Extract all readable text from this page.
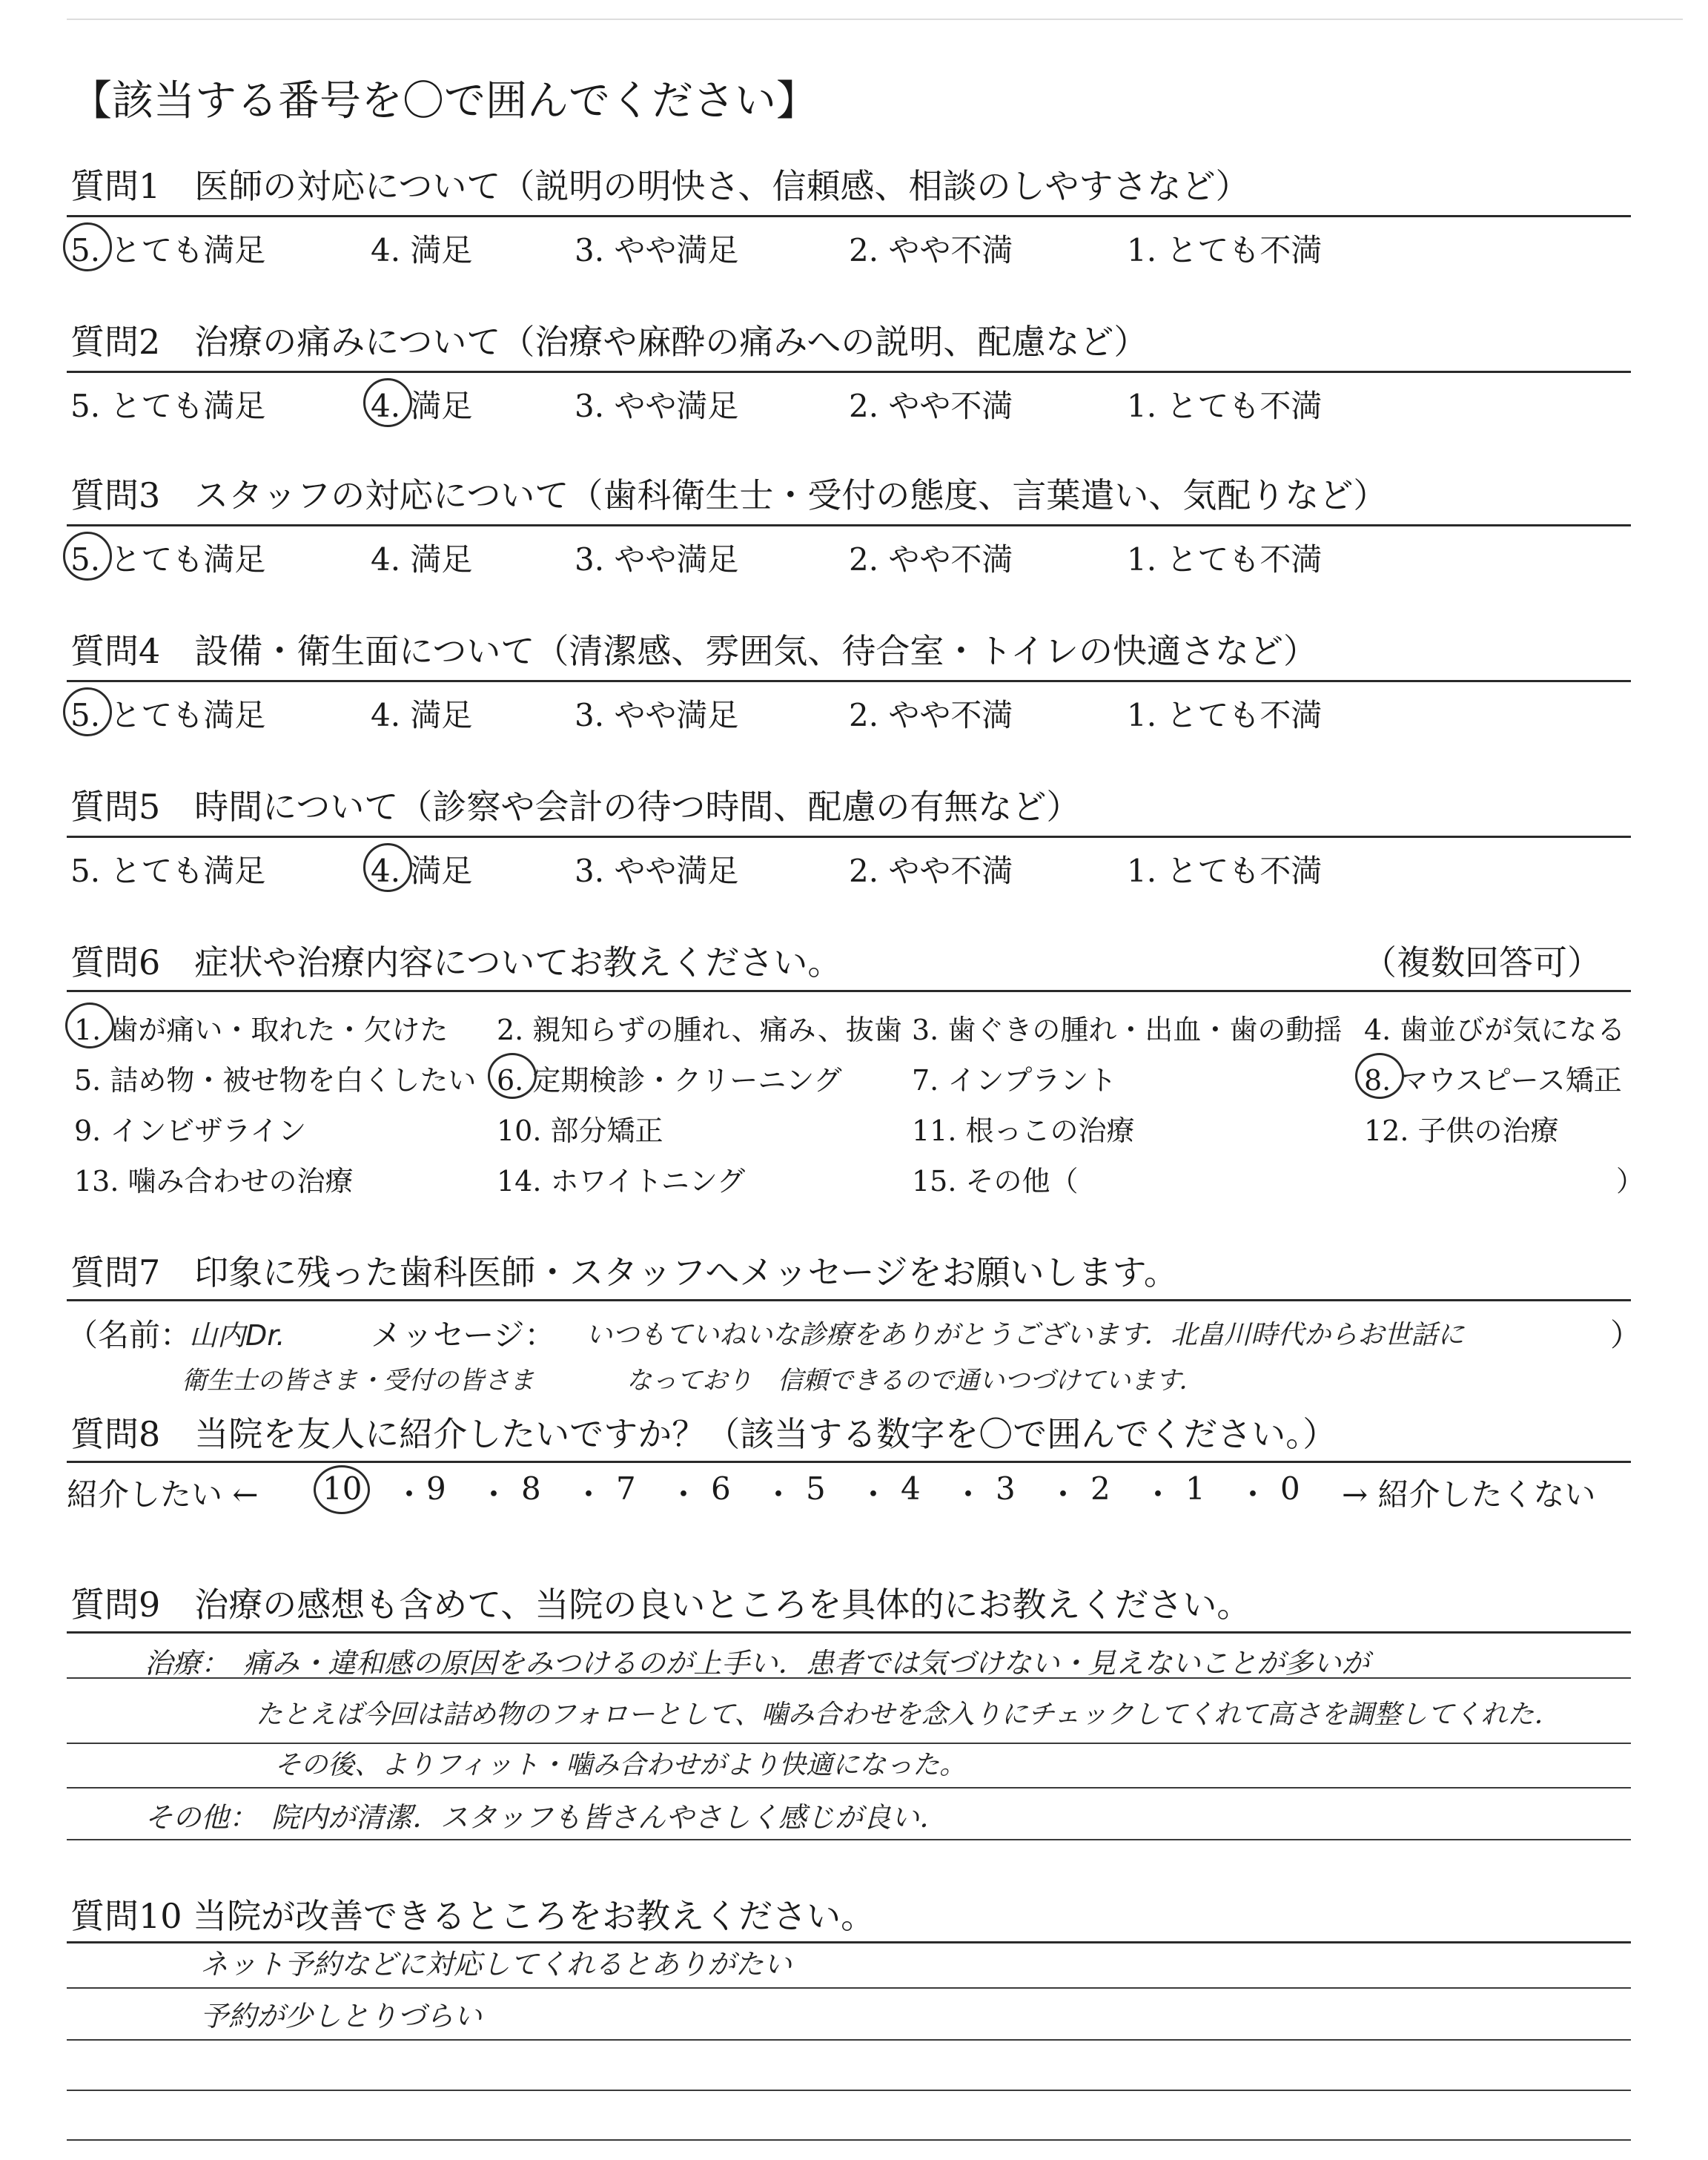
【該当する番号を〇で囲んでください】
質問1　医師の対応について（説明の明快さ、信頼感、相談のしやすさなど）
5. とても満足	4. 満足	3. やや満足	2. やや不満	1. とても不満
質問2　治療の痛みについて（治療や麻酔の痛みへの説明、配慮など）
5. とても満足	4. 満足	3. やや満足	2. やや不満	1. とても不満
質問3　スタッフの対応について（歯科衛生士・受付の態度、言葉遣い、気配りなど）
5. とても満足	4. 満足	3. やや満足	2. やや不満	1. とても不満
質問4　設備・衛生面について（清潔感、雰囲気、待合室・トイレの快適さなど）
5. とても満足	4. 満足	3. やや満足	2. やや不満	1. とても不満
質問5　時間について（診察や会計の待つ時間、配慮の有無など）
5. とても満足	4. 満足	3. やや満足	2. やや不満	1. とても不満
質問6　症状や治療内容についてお教えください。	（複数回答可）
1. 歯が痛い・取れた・欠けた 2. 親知らずの腫れ、痛み、抜歯 3. 歯ぐきの腫れ・出血・歯の動揺 4. 歯並びが気になる
5. 詰め物・被せ物を白くしたい 6. 定期検診・クリーニング 7. インプラント	8. マウスピース矯正
9. インビザライン	10. 部分矯正	11. 根っこの治療	12. 子供の治療
13. 噛み合わせの治療	14. ホワイトニング	15. その他（	）
質問7　印象に残った歯科医師・スタッフへメッセージをお願いします。
（名前：
山内Dr.	メッセージ： いつもていねいな診療をありがとうございます．北畠川時代からお世話に	）
衛生士の皆さま・受付の皆さま	なっており　信頼できるので通いつづけています．
質問8　当院を友人に紹介したいですか？（該当する数字を〇で囲んでください。）
紹介したい ← 10 ・ 9 ・ 8 ・ 7 ・ 6 ・ 5 ・ 4 ・ 3 ・ 2 ・ 1 ・ 0 → 紹介したくない
質問9　治療の感想も含めて、当院の良いところを具体的にお教えください。
治療：　痛み・違和感の原因をみつけるのが上手い．患者では気づけない・見えないことが多いが
たとえば今回は詰め物のフォローとして、噛み合わせを念入りにチェックしてくれて高さを調整してくれた．
その後、よりフィット・噛み合わせがより快適になった。
その他：　院内が清潔．スタッフも皆さんやさしく感じが良い．
質問10 当院が改善できるところをお教えください。
ネット予約などに対応してくれるとありがたい
予約が少しとりづらい
